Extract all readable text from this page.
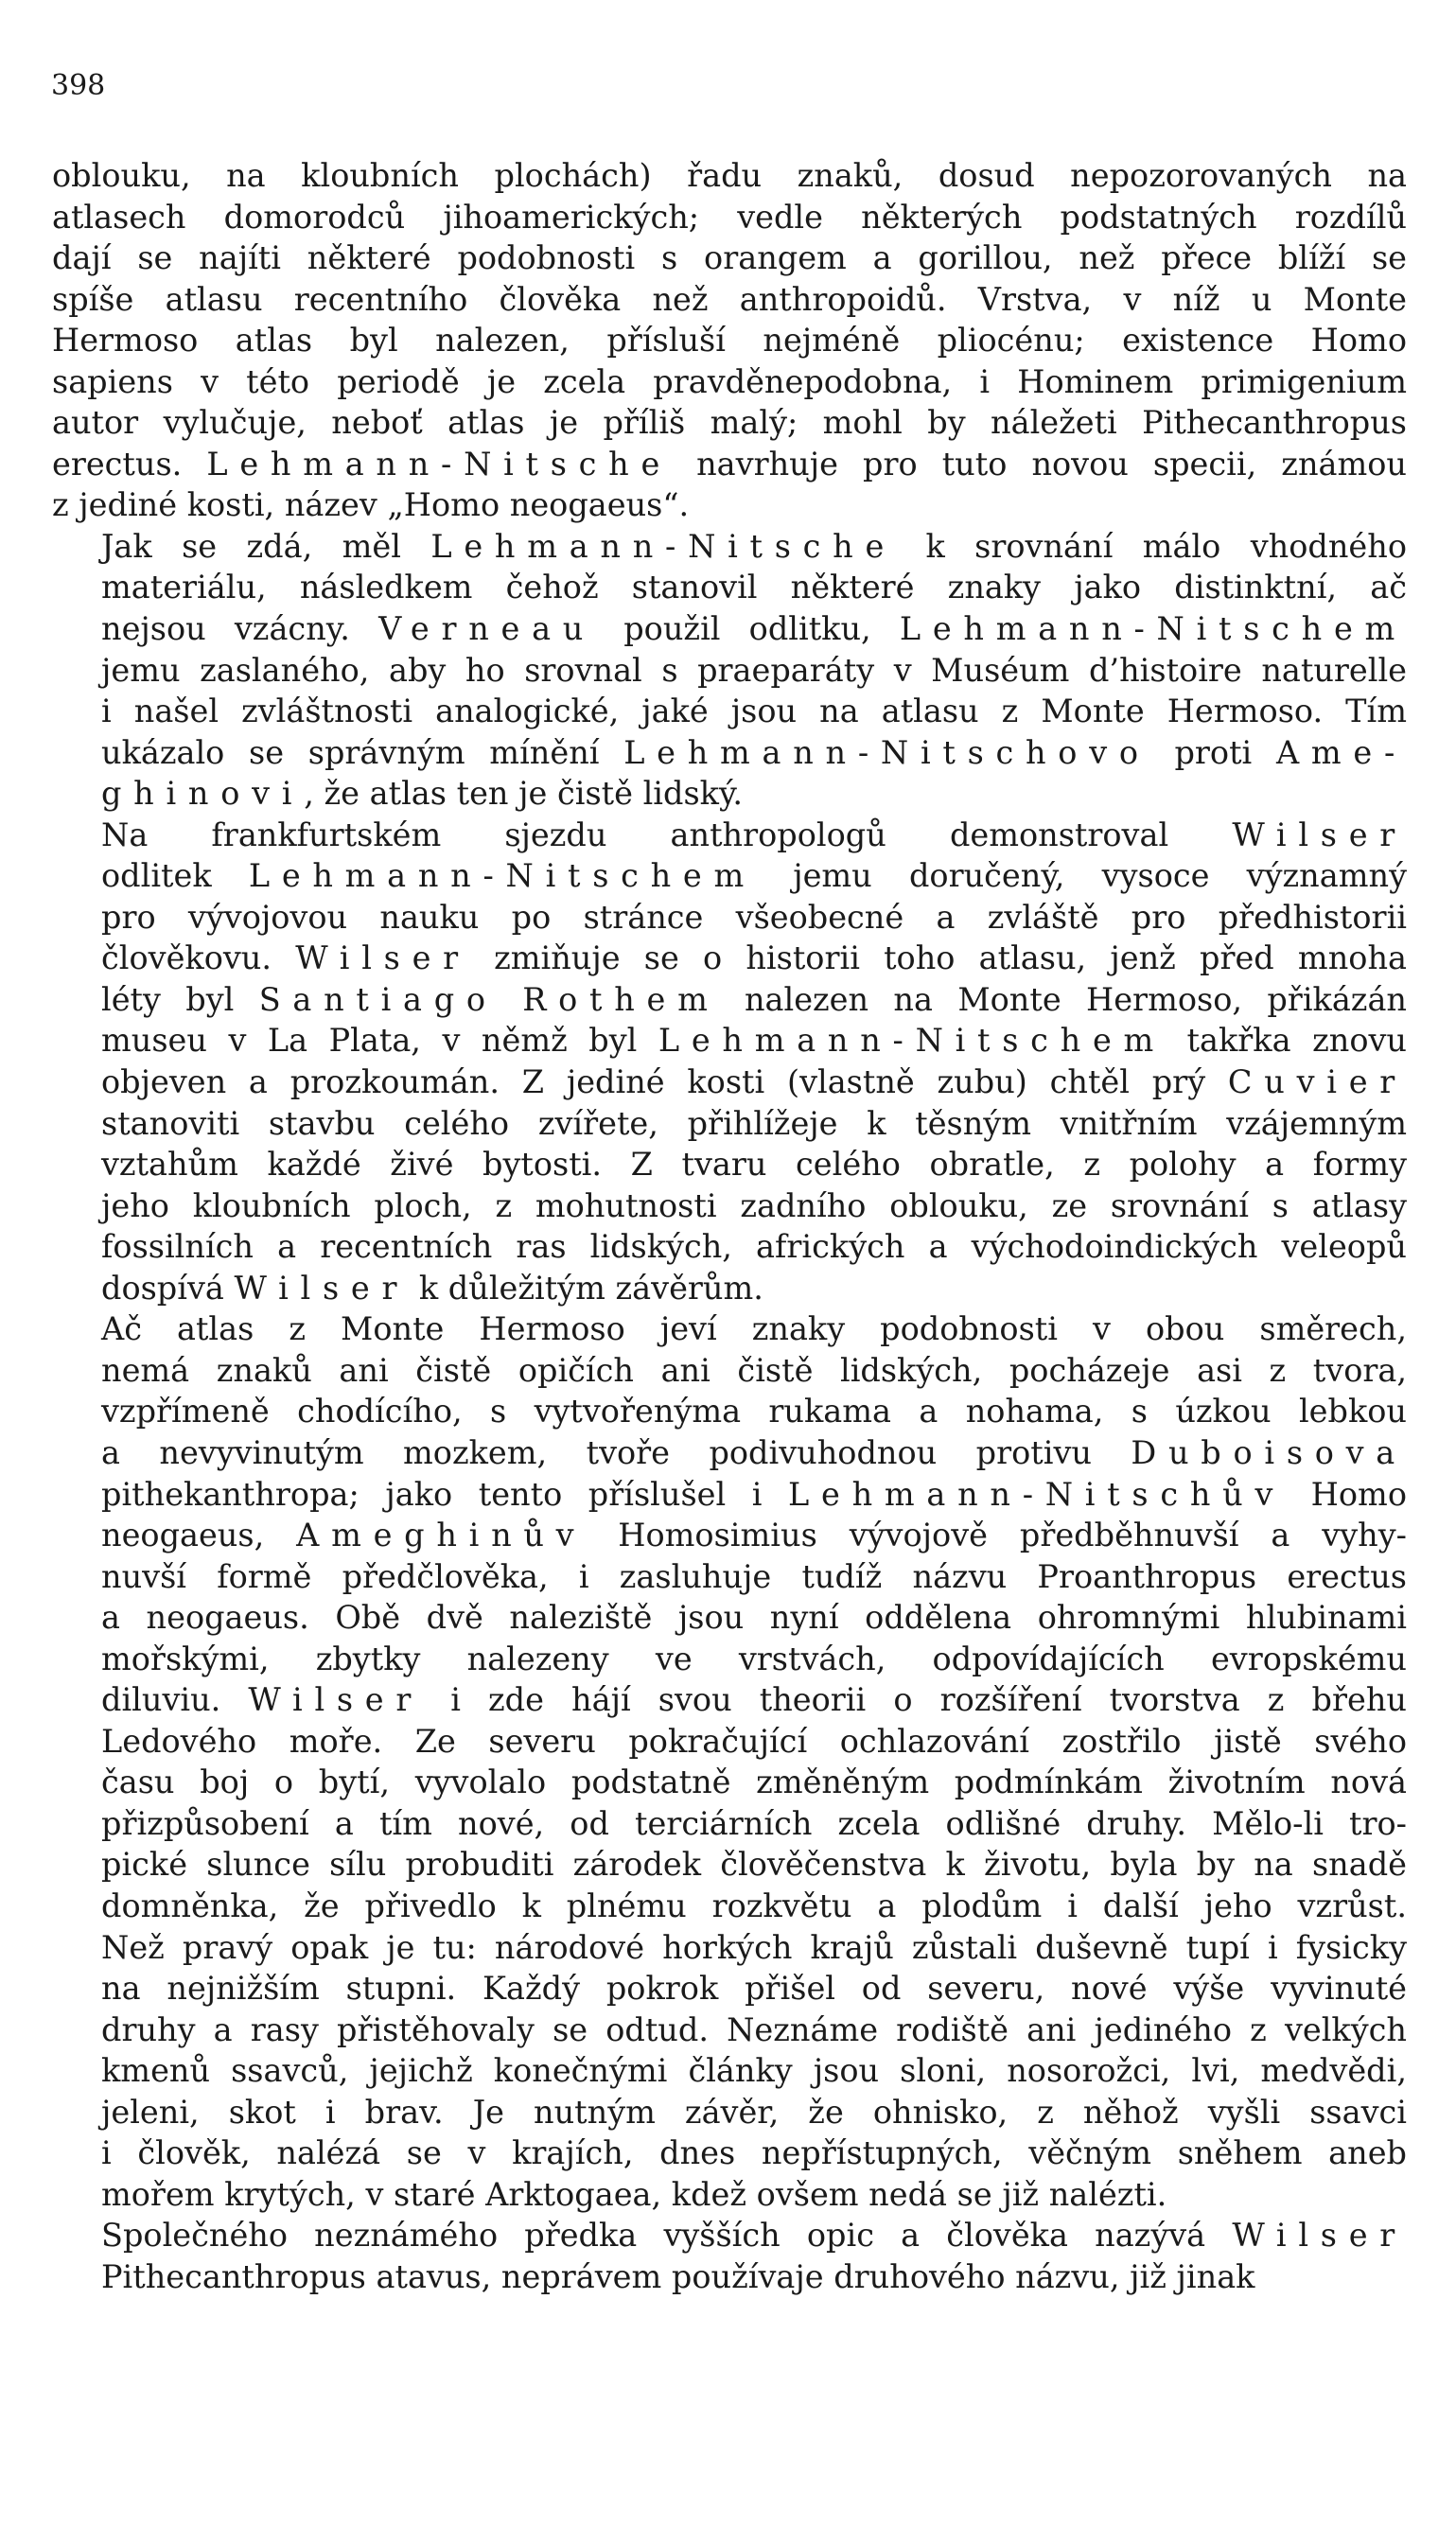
398

oblouku, na kloubních plochách) řadu znaků, dosud nepozorovaných na
atlasech domorodců jihoamerických; vedle některých podstatných rozdílů
dají se najíti některé podobnosti s orangem a gorillou, než přece blíží se
spíše atlasu recentního člověka než anthropoidů. Vrstva, v níž u Monte
Hermoso atlas byl nalezen, přísluší nejméně pliocénu; existence Homo
sapiens v této periodě je zcela pravděnepodobna, i Hominem primigenium
autor vylučuje, neboť atlas je příliš malý; mohl by náležeti Pithecanthropus
erectus. Lehmann-Nitsche navrhuje pro tuto novou specii, známou
z jediné kosti, název „Homo neogaeus“.

Jak se zdá, měl Lehmann-Nitsche k srovnání málo vhodného
materiálu, následkem čehož stanovil některé znaky jako distinktní, ač
nejsou vzácny. Verneau použil odlitku, Lehmann-Nitschem
jemu zaslaného, aby ho srovnal s praeparáty v Muséum d’histoire naturelle
i našel zvláštnosti analogické, jaké jsou na atlasu z Monte Hermoso. Tím
ukázalo se správným mínění Lehmann-Nitschovo proti Ame-
ghinovi, že atlas ten je čistě lidský.

Na frankfurtském sjezdu anthropologů demonstroval Wilser
odlitek Lehmann-Nitschem jemu doručený, vysoce významný
pro vývojovou nauku po stránce všeobecné a zvláště pro předhistorii
člověkovu. Wilser zmiňuje se o historii toho atlasu, jenž před mnoha
léty byl Santiago Rothem nalezen na Monte Hermoso, přikázán
museu v La Plata, v němž byl Lehmann-Nitschem takřka znovu
objeven a prozkoumán. Z jediné kosti (vlastně zubu) chtěl prý Cuvier
stanoviti stavbu celého zvířete, přihlížeje k těsným vnitřním vzájemným
vztahům každé živé bytosti. Z tvaru celého obratle, z polohy a formy
jeho kloubních ploch, z mohutnosti zadního oblouku, ze srovnání s atlasy
fossilních a recentních ras lidských, afrických a východoindických veleopů
dospívá Wilser k důležitým závěrům.

Ač atlas z Monte Hermoso jeví znaky podobnosti v obou směrech,
nemá znaků ani čistě opičích ani čistě lidských, pocházeje asi z tvora,
vzpřímeně chodícího, s vytvořenýma rukama a nohama, s úzkou lebkou
a nevyvinutým mozkem, tvoře podivuhodnou protivu Duboisova
pithekanthropa; jako tento příslušel i Lehmann-Nitschův Homo
neogaeus, Ameghinův Homosimius vývojově předběhnuvší a vyhy-
nuvší formě předčlověka, i zasluhuje tudíž názvu Proanthropus erectus
a neogaeus. Obě dvě naleziště jsou nyní oddělena ohromnými hlubinami
mořskými, zbytky nalezeny ve vrstvách, odpovídajících evropskému
diluviu. Wilser i zde hájí svou theorii o rozšíření tvorstva z břehu
Ledového moře. Ze severu pokračující ochlazování zostřilo jistě svého
času boj o bytí, vyvolalo podstatně změněným podmínkám životním nová
přizpůsobení a tím nové, od terciárních zcela odlišné druhy. Mělo-li tro-
pické slunce sílu probuditi zárodek člověčenstva k životu, byla by na snadě
domněnka, že přivedlo k plnému rozkvětu a plodům i další jeho vzrůst.
Než pravý opak je tu: národové horkých krajů zůstali duševně tupí i fysicky
na nejnižším stupni. Každý pokrok přišel od severu, nové výše vyvinuté
druhy a rasy přistěhovaly se odtud. Neznáme rodiště ani jediného z velkých
kmenů ssavců, jejichž konečnými články jsou sloni, nosorožci, lvi, medvědi,
jeleni, skot i brav. Je nutným závěr, že ohnisko, z něhož vyšli ssavci
i člověk, nalézá se v krajích, dnes nepřístupných, věčným sněhem aneb
mořem krytých, v staré Arktogaea, kdež ovšem nedá se již nalézti.

Společného neznámého předka vyšších opic a člověka nazývá Wilser
Pithecanthropus atavus, neprávem používaje druhového názvu, již jinak
